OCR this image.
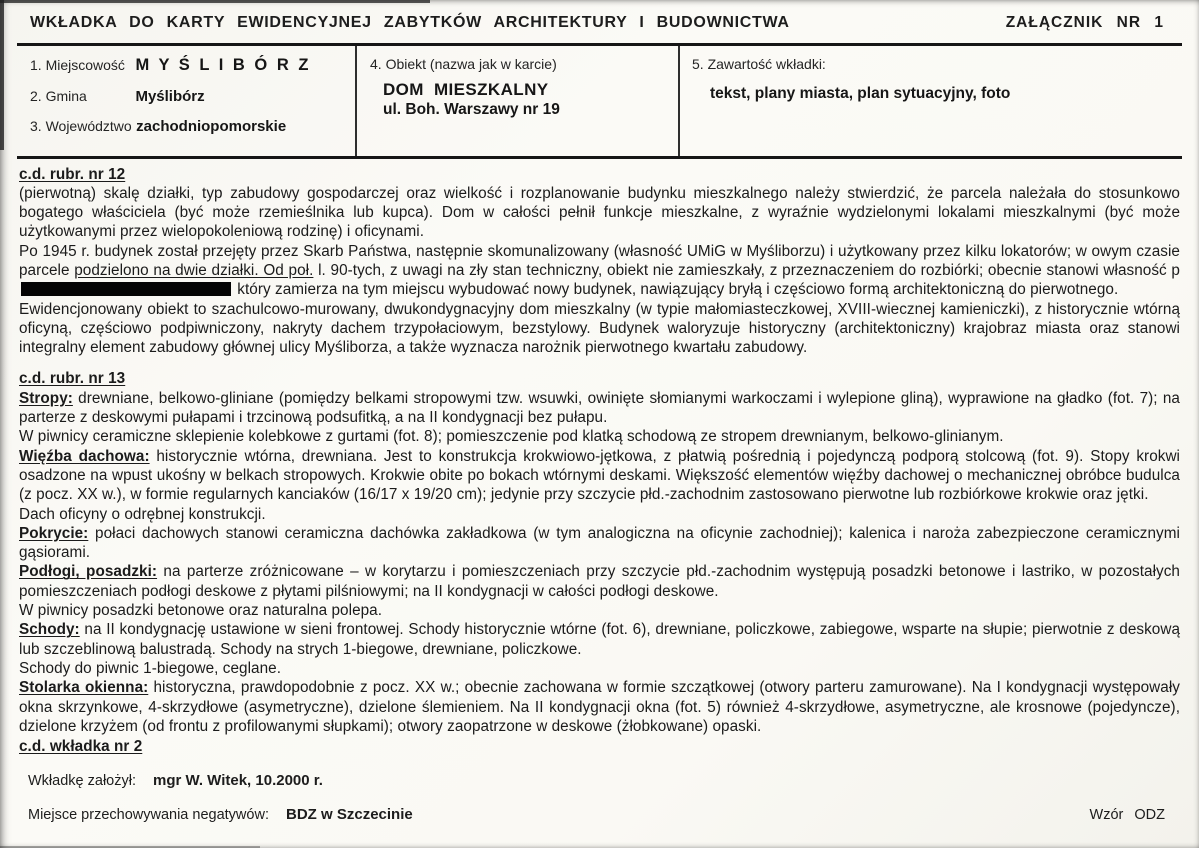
WKŁADKA DO KARTY EWIDENCYJNEJ ZABYTKÓW ARCHITEKTURY I BUDOWNICTWA	ZAŁĄCZNIK NR 1
1. Miejscowość M Y Ś L I B Ó R Z
2. Gmina	Myślibórz
3. Województwo zachodniopomorskie
4. Obiekt (nazwa jak w karcie)
DOM MIESZKALNY
ul. Boh. Warszawy nr 19
5. Zawartość wkładki:
tekst, plany miasta, plan sytuacyjny, foto
c.d. rubr. nr 12
(pierwotną) skalę działki, typ zabudowy gospodarczej oraz wielkość i rozplanowanie budynku mieszkalnego należy stwierdzić, że parcela należała do stosunkowo bogatego właściciela (być może rzemieślnika lub kupca). Dom w całości pełnił funkcje mieszkalne, z wyraźnie wydzielonymi lokalami mieszkalnymi (być może użytkowanymi przez wielopokoleniową rodzinę) i oficynami.
Po 1945 r. budynek został przejęty przez Skarb Państwa, następnie skomunalizowany (własność UMiG w Myśliborzu) i użytkowany przez kilku lokatorów; w owym czasie parcele podzielono na dwie działki. Od poł. l. 90-tych, z uwagi na zły stan techniczny, obiekt nie zamieszkały, z przeznaczeniem do rozbiórki; obecnie stanowi własność p który zamierza na tym miejscu wybudować nowy budynek, nawiązujący bryłą i częściowo formą architektoniczną do pierwotnego.
Ewidencjonowany obiekt to szachulcowo-murowany, dwukondygnacyjny dom mieszkalny (w typie małomiasteczkowej, XVIII-wiecznej kamieniczki), z historycznie wtórną oficyną, częściowo podpiwniczony, nakryty dachem trzypołaciowym, bezstylowy. Budynek waloryzuje historyczny (architektoniczny) krajobraz miasta oraz stanowi integralny element zabudowy głównej ulicy Myśliborza, a także wyznacza narożnik pierwotnego kwartału zabudowy.
c.d. rubr. nr 13
Stropy: drewniane, belkowo-gliniane (pomiędzy belkami stropowymi tzw. wsuwki, owinięte słomianymi warkoczami i wylepione gliną), wyprawione na gładko (fot. 7); na parterze z deskowymi pułapami i trzcinową podsufitką, a na II kondygnacji bez pułapu.
W piwnicy ceramiczne sklepienie kolebkowe z gurtami (fot. 8); pomieszczenie pod klatką schodową ze stropem drewnianym, belkowo-glinianym.
Więźba dachowa: historycznie wtórna, drewniana. Jest to konstrukcja krokwiowo-jętkowa, z płatwią pośrednią i pojedynczą podporą stolcową (fot. 9). Stopy krokwi osadzone na wpust ukośny w belkach stropowych. Krokwie obite po bokach wtórnymi deskami. Większość elementów więźby dachowej o mechanicznej obróbce budulca (z pocz. XX w.), w formie regularnych kanciaków (16/17 x 19/20 cm); jedynie przy szczycie płd.-zachodnim zastosowano pierwotne lub rozbiórkowe krokwie oraz jętki.
Dach oficyny o odrębnej konstrukcji.
Pokrycie: połaci dachowych stanowi ceramiczna dachówka zakładkowa (w tym analogiczna na oficynie zachodniej); kalenica i naroża zabezpieczone ceramicznymi gąsiorami.
Podłogi, posadzki: na parterze zróżnicowane – w korytarzu i pomieszczeniach przy szczycie płd.-zachodnim występują posadzki betonowe i lastriko, w pozostałych pomieszczeniach podłogi deskowe z płytami pilśniowymi; na II kondygnacji w całości podłogi deskowe.
W piwnicy posadzki betonowe oraz naturalna polepa.
Schody: na II kondygnację ustawione w sieni frontowej. Schody historycznie wtórne (fot. 6), drewniane, policzkowe, zabiegowe, wsparte na słupie; pierwotnie z deskową lub szczeblinową balustradą. Schody na strych 1-biegowe, drewniane, policzkowe.
Schody do piwnic 1-biegowe, ceglane.
Stolarka okienna: historyczna, prawdopodobnie z pocz. XX w.; obecnie zachowana w formie szczątkowej (otwory parteru zamurowane). Na I kondygnacji występowały okna skrzynkowe, 4-skrzydłowe (asymetryczne), dzielone ślemieniem. Na II kondygnacji okna (fot. 5) również 4-skrzydłowe, asymetryczne, ale krosnowe (pojedyncze), dzielone krzyżem (od frontu z profilowanymi słupkami); otwory zaopatrzone w deskowe (żłobkowane) opaski.
c.d. wkładka nr 2
Wkładkę założył: mgr W. Witek, 10.2000 r.
Miejsce przechowywania negatywów: BDZ w Szczecinie	Wzór ODZ
